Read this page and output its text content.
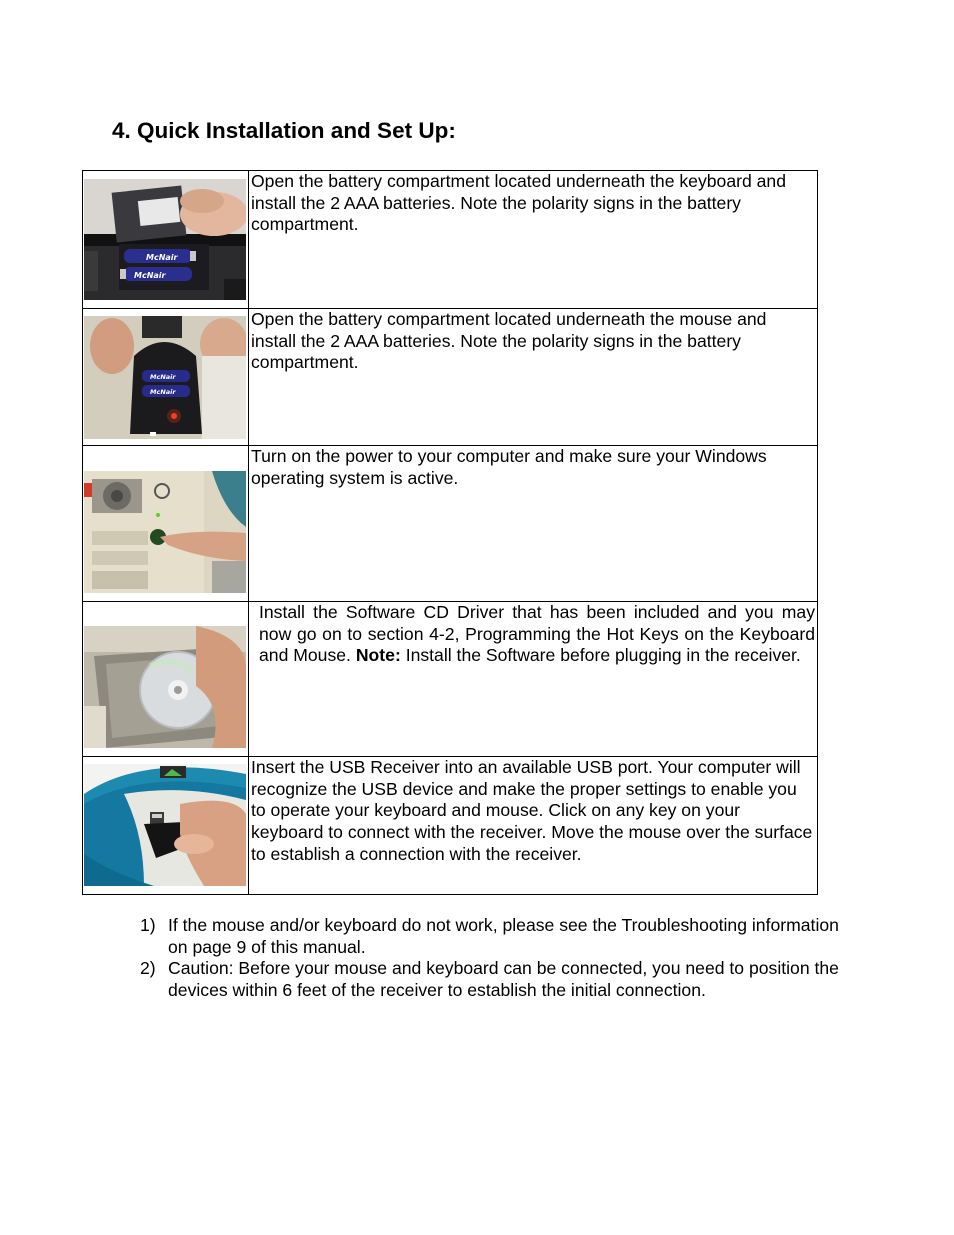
4. Quick Installation and Set Up:
McNair
McNair	Open the battery compartment located underneath the keyboard and install the 2 AAA batteries. Note the polarity signs in the battery compartment.

McNair
McNair	Open the battery compartment located underneath the mouse and install the 2 AAA batteries. Note the polarity signs in the battery compartment.

	Turn on the power to your computer and make sure your Windows operating system is active.

	Install the Software CD Driver that has been included and you may now go on to section 4-2, Programming the Hot Keys on the Keyboard and Mouse. Note: Install the Software before plugging in the receiver.

	Insert the USB Receiver into an available USB port. Your computer will recognize the USB device and make the proper settings to enable you to operate your keyboard and mouse. Click on any key on your keyboard to connect with the receiver. Move the mouse over the surface to establish a connection with the receiver.
1) If the mouse and/or keyboard do not work, please see the Troubleshooting information on page 9 of this manual.
2) Caution: Before your mouse and keyboard can be connected, you need to position the devices within 6 feet of the receiver to establish the initial connection.
